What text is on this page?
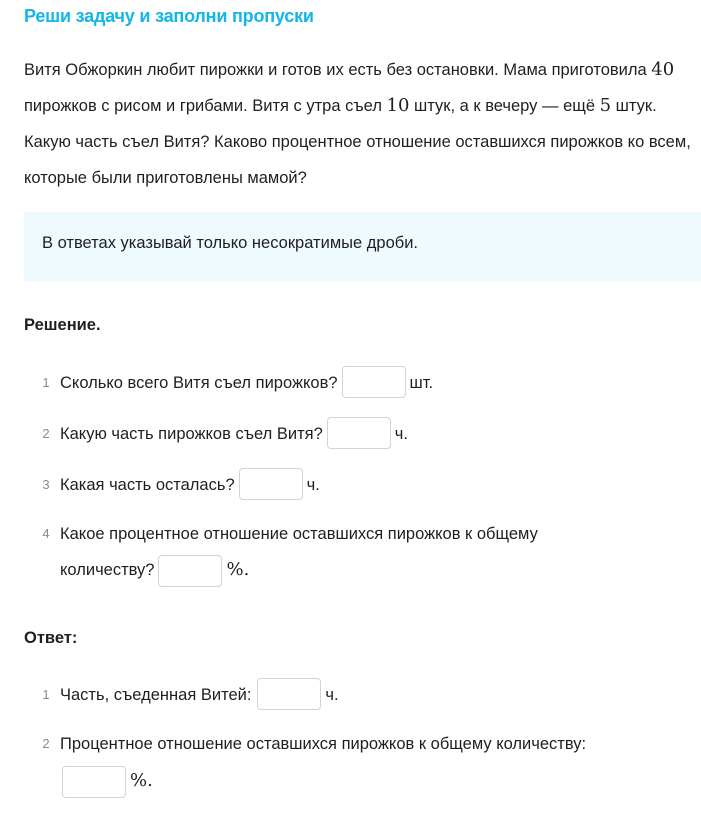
Реши задачу и заполни пропуски

Витя Обжоркин любит пирожки и готов их есть без остановки. Мама приготовила 40 пирожков с рисом и грибами. Витя с утра съел 10 штук, а к вечеру — ещё 5 штук. Какую часть съел Витя? Каково процентное отношение оставшихся пирожков ко всем, которые были приготовлены мамой?

В ответах указывай только несократимые дроби.
Решение.
1 Сколько всего Витя съел пирожков?	шт.
2 Какую часть пирожков съел Витя?	ч.
3 Какая часть осталась?	ч.
4 Какое процентное отношение оставшихся пирожков к общему количеству?	%.
Ответ:
1 Часть, съеденная Витей:	ч.
2 Процентное отношение оставшихся пирожков к общему количеству:
%.
